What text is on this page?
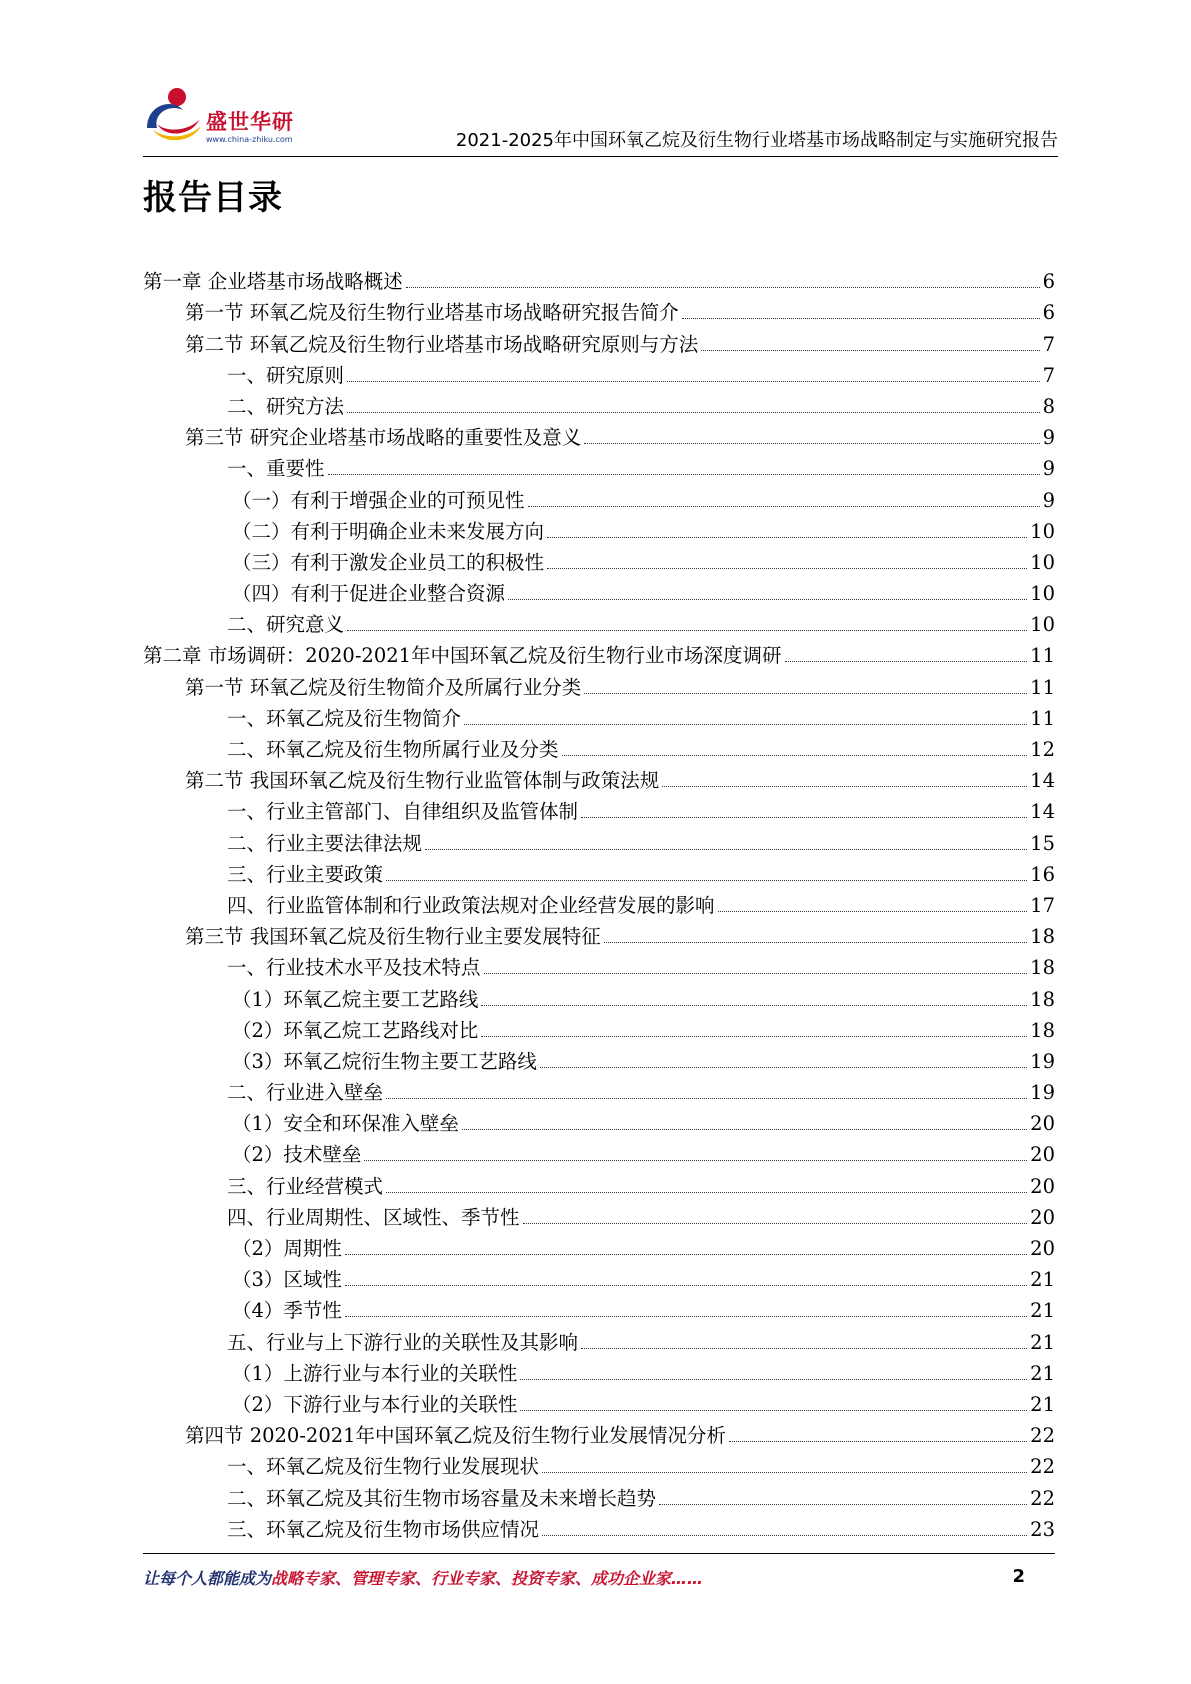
盛世华研
www.china-zhiku.com	2021-2025年中国环氧乙烷及衍生物行业塔基市场战略制定与实施研究报告
报告目录
第一章 企业塔基市场战略概述	6
第一节 环氧乙烷及衍生物行业塔基市场战略研究报告简介	6
第二节 环氧乙烷及衍生物行业塔基市场战略研究原则与方法	7
一、研究原则	7
二、研究方法	8
第三节 研究企业塔基市场战略的重要性及意义	9
一、重要性	9
（一）有利于增强企业的可预见性	9
（二）有利于明确企业未来发展方向	10
（三）有利于激发企业员工的积极性	10
（四）有利于促进企业整合资源	10
二、研究意义	10
第二章 市场调研：2020-2021年中国环氧乙烷及衍生物行业市场深度调研	11
第一节 环氧乙烷及衍生物简介及所属行业分类	11
一、环氧乙烷及衍生物简介	11
二、环氧乙烷及衍生物所属行业及分类	12
第二节 我国环氧乙烷及衍生物行业监管体制与政策法规	14
一、行业主管部门、自律组织及监管体制	14
二、行业主要法律法规	15
三、行业主要政策	16
四、行业监管体制和行业政策法规对企业经营发展的影响	17
第三节 我国环氧乙烷及衍生物行业主要发展特征	18
一、行业技术水平及技术特点	18
（1）环氧乙烷主要工艺路线	18
（2）环氧乙烷工艺路线对比	18
（3）环氧乙烷衍生物主要工艺路线	19
二、行业进入壁垒	19
（1）安全和环保准入壁垒	20
（2）技术壁垒	20
三、行业经营模式	20
四、行业周期性、区域性、季节性	20
（2）周期性	20
（3）区域性	21
（4）季节性	21
五、行业与上下游行业的关联性及其影响	21
（1）上游行业与本行业的关联性	21
（2）下游行业与本行业的关联性	21
第四节 2020-2021年中国环氧乙烷及衍生物行业发展情况分析	22
一、环氧乙烷及衍生物行业发展现状	22
二、环氧乙烷及其衍生物市场容量及未来增长趋势	22
三、环氧乙烷及衍生物市场供应情况	23
让每个人都能成为战略专家、管理专家、行业专家、投资专家、成功企业家……	2
